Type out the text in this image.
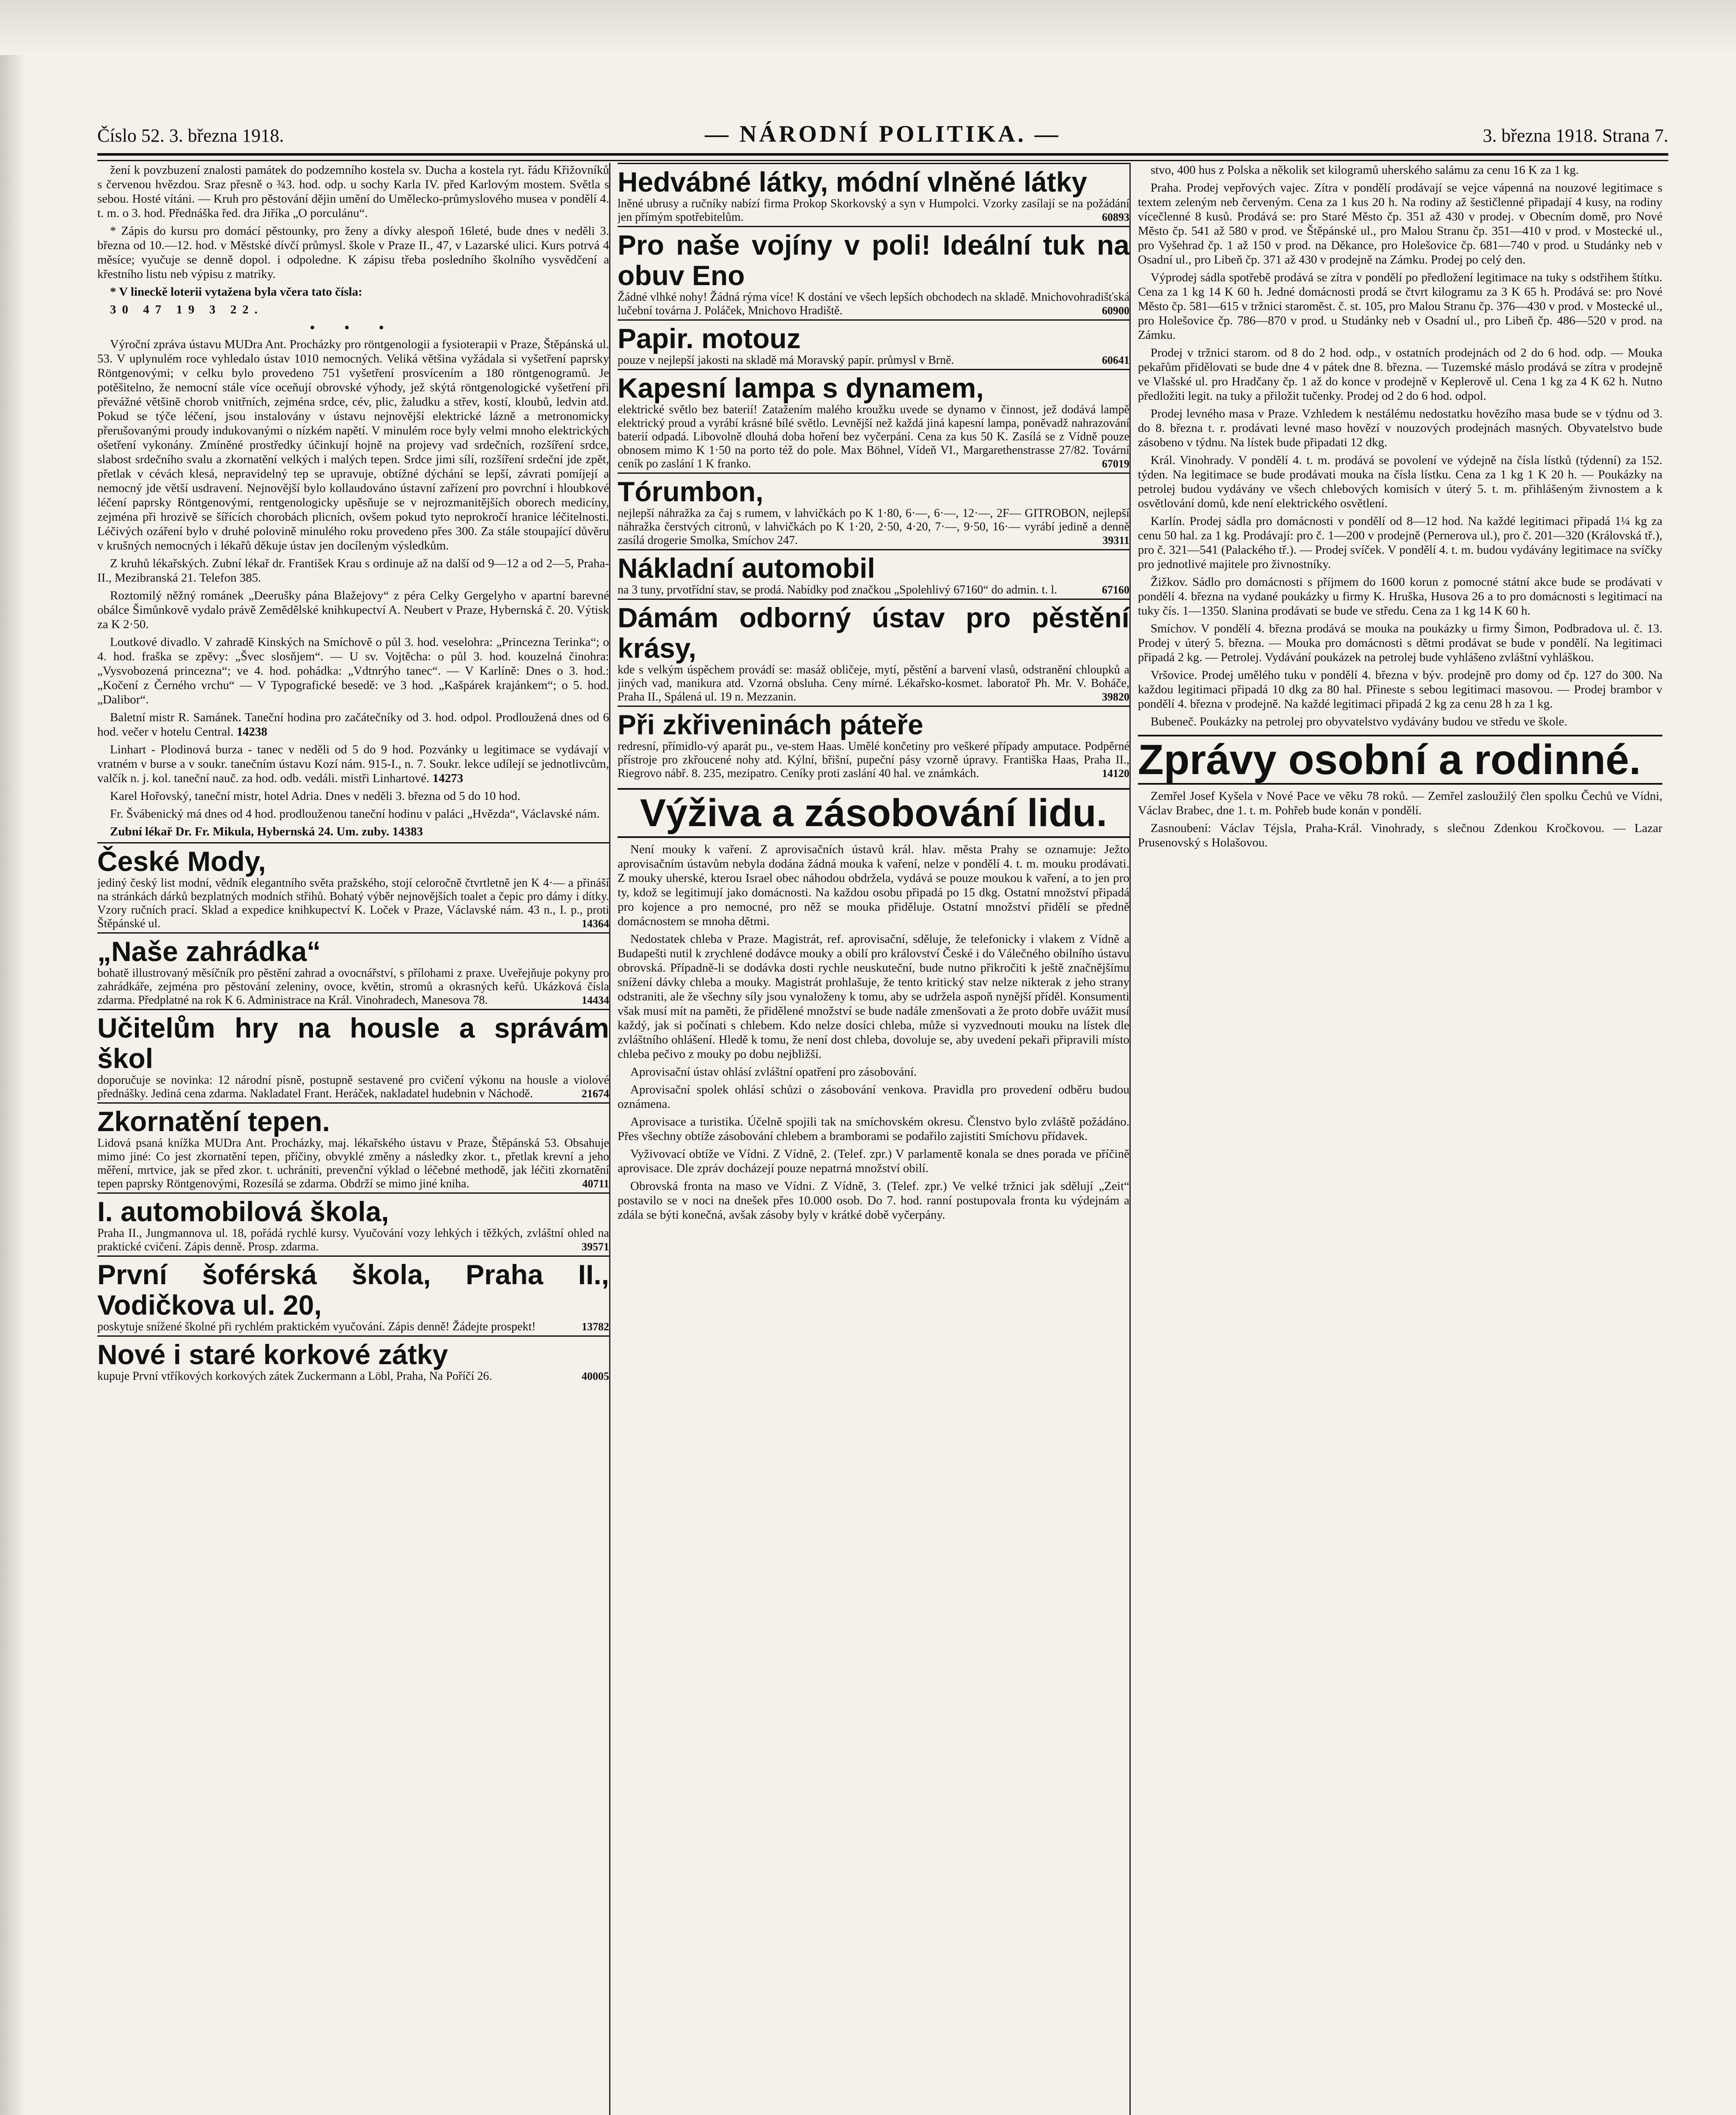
Číslo 52. 3. března 1918.	— NÁRODNÍ POLITIKA. —	3. března 1918. Strana 7.

žení k povzbuzení znalosti památek do podzemního kostela sv. Ducha a kostela ryt. řádu Křižovníků s červenou hvězdou. Sraz přesně o ¾3. hod. odp. u sochy Karla IV. před Karlovým mostem. Světla s sebou. Hosté vítáni. — Kruh pro pěstování dějin umění do Umělecko-průmyslového musea v pondělí 4. t. m. o 3. hod. Přednáška řed. dra Jiříka „O porculánu“.

* Zápis do kursu pro domácí pěstounky, pro ženy a dívky alespoň 16leté, bude dnes v neděli 3. března od 10.—12. hod. v Městské dívčí průmysl. škole v Praze II., 47, v Lazarské ulici. Kurs potrvá 4 měsíce; vyučuje se denně dopol. i odpoledne. K zápisu třeba posledního školního vysvědčení a křestního listu neb výpisu z matriky.

* V lineckě loterii vytažena byla včera tato čísla:

30 47 19 3 22.

• • •

Výroční zpráva ústavu MUDra Ant. Procházky pro röntgenologii a fysioterapii v Praze, Štěpánská ul. 53. V uplynulém roce vyhledalo ústav 1010 nemocných. Veliká většina vyžádala si vyšetření paprsky Röntgenovými; v celku bylo provedeno 751 vyšetření prosvícením a 180 röntgenogramů. Je potěšitelno, že nemocní stále více oceňují obrovské výhody, jež skýtá röntgenologické vyšetření při převážné většině chorob vnitřních, zejména srdce, cév, plic, žaludku a střev, kostí, kloubů, ledvin atd. Pokud se týče léčení, jsou instalovány v ústavu nejnovější elektrické lázně a metronomicky přerušovanými proudy indukovanými o nízkém napětí. V minulém roce byly velmi mnoho elektrických ošetření vykonány. Zmíněné prostředky účinkují hojně na projevy vad srdečních, rozšíření srdce, slabost srdečního svalu a zkornatění velkých i malých tepen. Srdce jimi sílí, rozšíření srdeční jde zpět, přetlak v cévách klesá, nepravidelný tep se upravuje, obtížné dýchání se lepší, závrati pomíjejí a nemocný jde větší usdravení. Nejnovější bylo kollaudováno ústavní zařízení pro povrchní i hloubkové léčení paprsky Röntgenovými, rentgenologicky upěsňuje se v nejrozmanitějších oborech medicíny, zejména při hrozivě se šířících chorobách plicních, ovšem pokud tyto neprokročí hranice léčitelnosti. Léčivých ozáření bylo v druhé polovině minulého roku provedeno přes 300. Za stále stoupající důvěru v krušných nemocných i lékařů děkuje ústav jen docíleným výsledkům.

Z kruhů lékařských. Zubní lékař dr. František Krau s ordinuje až na další od 9—12 a od 2—5, Praha-II., Mezibranská 21. Telefon 385.

Roztomilý něžný románek „Deerušky pána Blažejovy“ z péra Celky Gergelyho v apartní barevné obálce Šimůnkově vydalo právě Zemědělské knihkupectví A. Neubert v Praze, Hybernská č. 20. Výtisk za K 2·50.

Loutkové divadlo. V zahradě Kinských na Smíchově o půl 3. hod. veselohra: „Princezna Terinka“; o 4. hod. fraška se zpěvy: „Švec slosňjem“. — U sv. Vojtěcha: o půl 3. hod. kouzelná činohra: „Vysvobozená princezna“; ve 4. hod. pohádka: „Vdtnrýho tanec“. — V Karlíně: Dnes o 3. hod.: „Kočení z Černého vrchu“ — V Typografické besedě: ve 3 hod. „Kašpárek krajánkem“; o 5. hod. „Dalibor“.

Baletní mistr R. Samánek. Taneční hodina pro začátečníky od 3. hod. odpol. Prodloužená dnes od 6 hod. večer v hotelu Central. 14238

Linhart - Plodinová burza - tanec v neděli od 5 do 9 hod. Pozvánky u legitimace se vydávají v vratném v burse a v soukr. tanečním ústavu Kozí nám. 915-I., n. 7. Soukr. lekce udílejí se jednotlivcům, valčík n. j. kol. taneční nauč. za hod. odb. vedáli. mistři Linhartové. 14273

Karel Hořovský, taneční mistr, hotel Adria. Dnes v neděli 3. března od 5 do 10 hod.

Fr. Švábenický má dnes od 4 hod. prodlouženou taneční hodinu v paláci „Hvězda“, Václavské nám.

Zubní lékař Dr. Fr. Mikula, Hybernská 24. Um. zuby. 14383

České Mody,
jediný český list modní, vědník elegantního světa pražského, stojí celoročně čtvrtletně jen K 4·— a přináší na stránkách dárků bezplatných modních střihů. Bohatý výběr nejnovějších toalet a čepic pro dámy i dítky. Vzory ručních prací. Sklad a expedice knihkupectví K. Loček v Praze, Václavské nám. 43 n., I. p., proti Štěpánské ul.	14364
„Naše zahrádka“
bohatě illustrovaný měsíčník pro pěstění zahrad a ovocnářství, s přílohami z praxe. Uveřejňuje pokyny pro zahrádkáře, zejména pro pěstování zeleniny, ovoce, květin, stromů a okrasných keřů. Ukázková čísla zdarma. Předplatné na rok K 6. Administrace na Král. Vinohradech, Manesova 78.	14434
Učitelům hry na housle a správám škol
doporučuje se novinka: 12 národní písně, postupně sestavené pro cvičení výkonu na housle a violové přednášky. Jediná cena zdarma. Nakladatel Frant. Heráček, nakladatel hudebnin v Náchodě.	21674
Zkornatění tepen.
Lidová psaná knížka MUDra Ant. Procházky, maj. lékařského ústavu v Praze, Štěpánská 53. Obsahuje mimo jiné: Co jest zkornatění tepen, příčiny, obvyklé změny a následky zkor. t., přetlak krevní a jeho měření, mrtvice, jak se před zkor. t. uchrániti, prevenční výklad o léčebné methodě, jak léčiti zkornatění tepen paprsky Röntgenovými, Rozesílá se zdarma. Obdrží se mimo jiné kniha.	40711
I. automobilová škola,
Praha II., Jungmannova ul. 18, pořádá rychlé kursy. Vyučování vozy lehkých i těžkých, zvláštní ohled na praktické cvičení. Zápis denně. Prosp. zdarma.	39571
První šoférská škola, Praha II., Vodičkova ul. 20,
poskytuje snížené školné při rychlém praktickém vyučování. Zápis denně! Žádejte prospekt!	13782
Nové i staré korkové zátky
kupuje První vtříkových korkových zátek Zuckermann a Löbl, Praha, Na Poříčí 26.	40005
Hedvábné látky, módní vlněné látky
lněné ubrusy a ručníky nabízí firma Prokop Skorkovský a syn v Humpolci. Vzorky zasílají se na požádání jen přímým spotřebitelům.	60893
Pro naše vojíny v poli! Ideální tuk na obuv Eno
Žádné vlhké nohy! Žádná rýma více! K dostání ve všech lepších obchodech na skladě. Mnichovohradišťská lučební továrna J. Poláček, Mnichovo Hradiště.	60900
Papir. motouz
pouze v nejlepší jakosti na skladě má Moravský papír. průmysl v Brně.	60641
Kapesní lampa s dynamem,
elektrické světlo bez baterií! Zatažením malého kroužku uvede se dynamo v činnost, jež dodává lampě elektrický proud a vyrábí krásné bílé světlo. Levnější než každá jiná kapesní lampa, poněvadž nahrazování baterií odpadá. Libovolně dlouhá doba hoření bez vyčerpání. Cena za kus 50 K. Zasílá se z Vídně pouze obnosem mimo K 1·50 na porto též do pole. Max Böhnel, Vídeň VI., Margarethenstrasse 27/82. Tovární ceník po zaslání 1 K franko.	67019
Tórumbon,
nejlepší náhražka za čaj s rumem, v lahvičkách po K 1·80, 6·—, 6·—, 12·—, 2F— GITROBON, nejlepší náhražka čerstvých citronů, v lahvičkách po K 1·20, 2·50, 4·20, 7·—, 9·50, 16·— vyrábí jedině a denně zasílá drogerie Smolka, Smíchov 247.	39311
Nákladní automobil
na 3 tuny, prvotřídní stav, se prodá. Nabídky pod značkou „Spolehlivý 67160“ do admin. t. l.	67160
Dámám odborný ústav pro pěstění krásy,
kde s velkým úspěchem provádí se: masáž obličeje, mytí, pěstění a barvení vlasů, odstranění chloupků a jiných vad, manikura atd. Vzorná obsluha. Ceny mírné. Lékařsko-kosmet. laboratoř Ph. Mr. V. Boháče, Praha II., Spálená ul. 19 n. Mezzanin.	39820
Při zkřiveninách páteře
redresní, přímidlo-vý aparát pu., ve-stem Haas. Umělé končetiny pro veškeré případy amputace. Podpěrné přístroje pro zkřoucené nohy atd. Kýlní, břišní, pupeční pásy vzorně úpravy. Františka Haas, Praha II., Riegrovo nábř. 8. 235, mezipatro. Ceníky proti zaslání 40 hal. ve známkách.	14120
Výživa a zásobování lidu.

Není mouky k vaření. Z aprovisačních ústavů král. hlav. města Prahy se oznamuje: Ježto aprovisačním ústavům nebyla dodána žádná mouka k vaření, nelze v pondělí 4. t. m. mouku prodávati. Z mouky uherské, kterou Israel obec náhodou obdržela, vydává se pouze moukou k vaření, a to jen pro ty, kdož se legitimují jako domácnosti. Na každou osobu připadá po 15 dkg. Ostatní množství připadá pro kojence a pro nemocné, pro něž se mouka přiděluje. Ostatní množství přidělí se předně domácnostem se mnoha dětmi.

Nedostatek chleba v Praze. Magistrát, ref. aprovisační, sděluje, že telefonicky i vlakem z Vídně a Budapešti nutil k zrychlené dodávce mouky a obilí pro království České i do Válečného obilního ústavu obrovská. Případně-li se dodávka dosti rychle neuskuteční, bude nutno přikročiti k ještě značnějšímu snížení dávky chleba a mouky. Magistrát prohlašuje, že tento kritický stav nelze nikterak z jeho strany odstraniti, ale že všechny síly jsou vynaloženy k tomu, aby se udržela aspoň nynější příděl. Konsumenti však musí mít na paměti, že přidělené množství se bude nadále zmenšovati a že proto dobře uvážit musí každý, jak si počínati s chlebem. Kdo nelze dosíci chleba, může si vyzvednouti mouku na lístek dle zvláštního ohlášení. Hledě k tomu, že není dost chleba, dovoluje se, aby uvedení pekaři připravili místo chleba pečivo z mouky po dobu nejbližší.

Aprovisační ústav ohlásí zvláštní opatření pro zásobování.

Aprovisační spolek ohlásí schůzi o zásobování venkova. Pravidla pro provedení odběru budou oznámena.

Aprovisace a turistika. Účelně spojili tak na smíchovském okresu. Členstvo bylo zvláště požádáno. Přes všechny obtíže zásobování chlebem a bramborami se podařilo zajistiti Smíchovu přídavek.

Vyživovací obtíže ve Vídni. Z Vídně, 2. (Telef. zpr.) V parlamentě konala se dnes porada ve příčině aprovisace. Dle zpráv docházejí pouze nepatrná množství obilí.

Obrovská fronta na maso ve Vídni. Z Vídně, 3. (Telef. zpr.) Ve velké tržnici jak sdělují „Zeit“ postavilo se v noci na dnešek přes 10.000 osob. Do 7. hod. ranní postupovala fronta ku výdejnám a zdála se býti konečná, avšak zásoby byly v krátké době vyčerpány.

stvo, 400 hus z Polska a několik set kilogramů uherského salámu za cenu 16 K za 1 kg.

Praha. Prodej vepřových vajec. Zítra v pondělí prodávají se vejce vápenná na nouzové legitimace s textem zeleným neb červeným. Cena za 1 kus 20 h. Na rodiny až šestičlenné připadají 4 kusy, na rodiny vícečlenné 8 kusů. Prodává se: pro Staré Město čp. 351 až 430 v prodej. v Obecním domě, pro Nové Město čp. 541 až 580 v prod. ve Štěpánské ul., pro Malou Stranu čp. 351—410 v prod. v Mostecké ul., pro Vyšehrad čp. 1 až 150 v prod. na Děkance, pro Holešovice čp. 681—740 v prod. u Studánky neb v Osadní ul., pro Libeň čp. 371 až 430 v prodejně na Zámku. Prodej po celý den.

Výprodej sádla spotřebě prodává se zítra v pondělí po předložení legitimace na tuky s odstřihem štítku. Cena za 1 kg 14 K 60 h. Jedné domácnosti prodá se čtvrt kilogramu za 3 K 65 h. Prodává se: pro Nové Město čp. 581—615 v tržnici staroměst. č. st. 105, pro Malou Stranu čp. 376—430 v prod. v Mostecké ul., pro Holešovice čp. 786—870 v prod. u Studánky neb v Osadní ul., pro Libeň čp. 486—520 v prod. na Zámku.

Prodej v tržnici starom. od 8 do 2 hod. odp., v ostatních prodejnách od 2 do 6 hod. odp. — Mouka pekařům přidělovati se bude dne 4 v pátek dne 8. března. — Tuzemské máslo prodává se zítra v prodejně ve Vlašské ul. pro Hradčany čp. 1 až do konce v prodejně v Keplerově ul. Cena 1 kg za 4 K 62 h. Nutno předložiti legit. na tuky a přiložit tučenky. Prodej od 2 do 6 hod. odpol.

Prodej levného masa v Praze. Vzhledem k nestálému nedostatku hovězího masa bude se v týdnu od 3. do 8. března t. r. prodávati levné maso hovězí v nouzových prodejnách masných. Obyvatelstvo bude zásobeno v týdnu. Na lístek bude připadati 12 dkg.

Král. Vinohrady. V pondělí 4. t. m. prodává se povolení ve výdejně na čísla lístků (týdenní) za 152. týden. Na legitimace se bude prodávati mouka na čísla lístku. Cena za 1 kg 1 K 20 h. — Poukázky na petrolej budou vydávány ve všech chlebových komisích v úterý 5. t. m. přihlášeným živnostem a k osvětlování domů, kde není elektrického osvětlení.

Karlín. Prodej sádla pro domácnosti v pondělí od 8—12 hod. Na každé legitimaci připadá 1¼ kg za cenu 50 hal. za 1 kg. Prodávají: pro č. 1—200 v prodejně (Pernerova ul.), pro č. 201—320 (Královská tř.), pro č. 321—541 (Palackého tř.). — Prodej svíček. V pondělí 4. t. m. budou vydávány legitimace na svíčky pro jednotlivé majitele pro živnostníky.

Žižkov. Sádlo pro domácnosti s příjmem do 1600 korun z pomocné státní akce bude se prodávati v pondělí 4. března na vydané poukázky u firmy K. Hruška, Husova 26 a to pro domácnosti s legitimací na tuky čís. 1—1350. Slanina prodávati se bude ve středu. Cena za 1 kg 14 K 60 h.

Smíchov. V pondělí 4. března prodává se mouka na poukázky u firmy Šimon, Podbradova ul. č. 13. Prodej v úterý 5. března. — Mouka pro domácnosti s dětmi prodávat se bude v pondělí. Na legitimaci připadá 2 kg. — Petrolej. Vydávání poukázek na petrolej bude vyhlášeno zvláštní vyhláškou.

Vršovice. Prodej umělého tuku v pondělí 4. března v býv. prodejně pro domy od čp. 127 do 300. Na každou legitimaci připadá 10 dkg za 80 hal. Přineste s sebou legitimaci masovou. — Prodej brambor v pondělí 4. března v prodejně. Na každé legitimaci připadá 2 kg za cenu 28 h za 1 kg.

Bubeneč. Poukázky na petrolej pro obyvatelstvo vydávány budou ve středu ve škole.

Zprávy osobní a rodinné.

Zemřel Josef Kyšela v Nové Pace ve věku 78 roků. — Zemřel zasloužilý člen spolku Čechů ve Vídni, Václav Brabec, dne 1. t. m. Pohřeb bude konán v pondělí.

Zasnoubení: Václav Téjsla, Praha-Král. Vinohrady, s slečnou Zdenkou Kročkovou. — Lazar Prusenovský s Holašovou.
